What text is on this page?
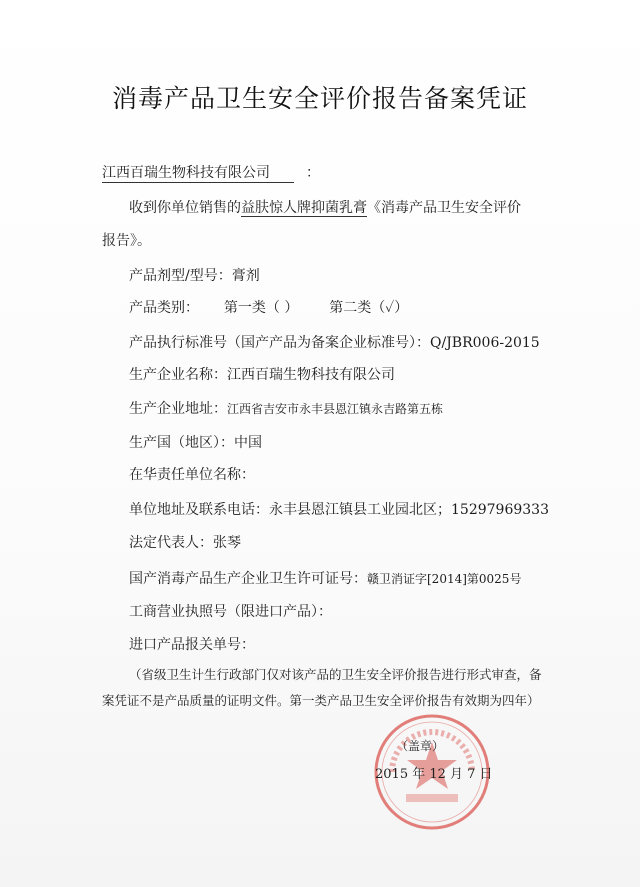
消毒产品卫生安全评价报告备案凭证
江西百瑞生物科技有限公司	：
收到你单位销售的益肤惊人牌抑菌乳膏《消毒产品卫生安全评价
报告》。
产品剂型/型号：膏剂
产品类别： 第一类（ ） 第二类（✓）
产品执行标准号（国产产品为备案企业标准号）：Q/JBR006-2015
生产企业名称：江西百瑞生物科技有限公司
生产企业地址：江西省吉安市永丰县恩江镇永吉路第五栋
生产国（地区）：中国
在华责任单位名称：
单位地址及联系电话：永丰县恩江镇县工业园北区；15297969333
法定代表人：张琴
国产消毒产品生产企业卫生许可证号：赣卫消证字[2014]第0025号
工商营业执照号（限进口产品）：
进口产品报关单号：
（省级卫生计生行政部门仅对该产品的卫生安全评价报告进行形式审查，备
案凭证不是产品质量的证明文件。第一类产品卫生安全评价报告有效期为四年）
（盖章）
2015 年 12 月 7 日
